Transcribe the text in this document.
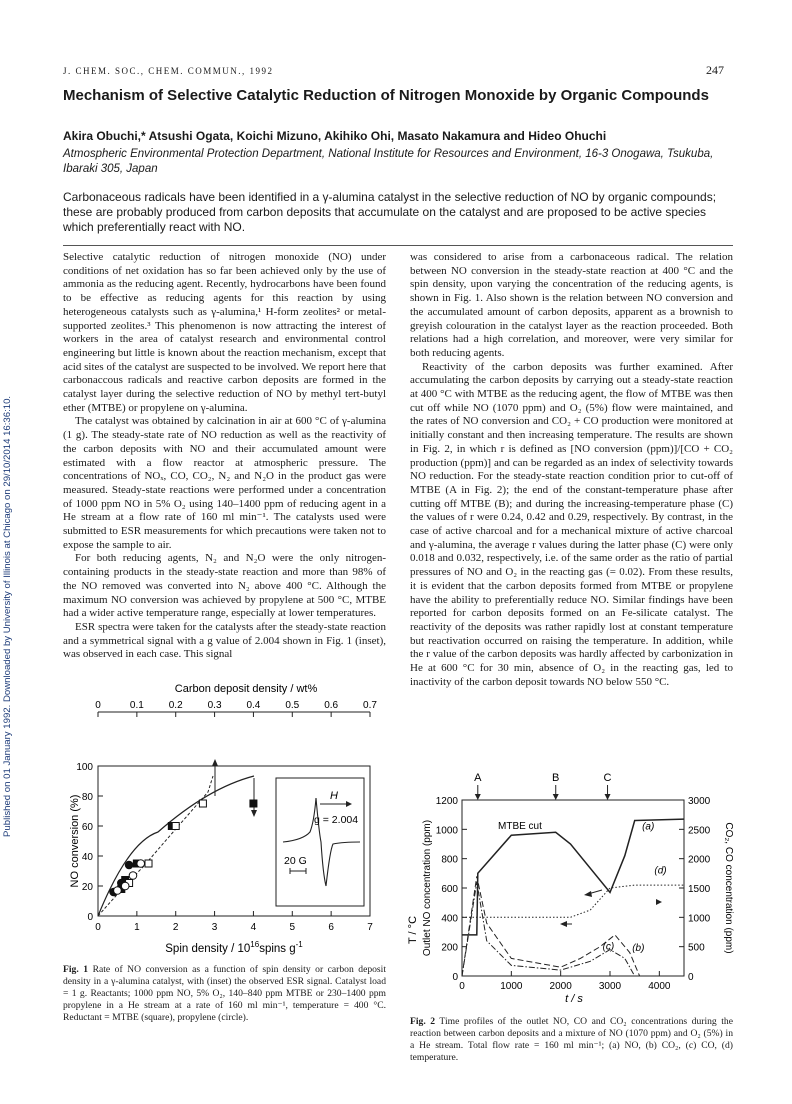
J. CHEM. SOC., CHEM. COMMUN., 1992	247
Published on 01 January 1992. Downloaded by University of Illinois at Chicago on 29/10/2014 16:36:10.
Mechanism of Selective Catalytic Reduction of Nitrogen Monoxide by Organic Compounds
Akira Obuchi,* Atsushi Ogata, Koichi Mizuno, Akihiko Ohi, Masato Nakamura and Hideo Ohuchi
Atmospheric Environmental Protection Department, National Institute for Resources and Environment, 16-3 Onogawa, Tsukuba, Ibaraki 305, Japan
Carbonaceous radicals have been identified in a γ-alumina catalyst in the selective reduction of NO by organic compounds; these are probably produced from carbon deposits that accumulate on the catalyst and are proposed to be active species which preferentially react with NO.

Selective catalytic reduction of nitrogen monoxide (NO) under conditions of net oxidation has so far been achieved only by the use of ammonia as the reducing agent. Recently, hydrocarbons have been found to be effective as reducing agents for this reaction by using heterogeneous catalysts such as γ-alumina,¹ H-form zeolites² or metal-supported zeolites.³ This phenomenon is now attracting the interest of workers in the area of catalyst research and environmental control engineering but little is known about the reaction mechanism, except that acid sites of the catalyst are suspected to be involved. We report here that carbonaccous radicals and reactive carbon deposits are formed in the catalyst layer during the selective reduction of NO by methyl tert-butyl ether (MTBE) or propylene on γ-alumina.

The catalyst was obtained by calcination in air at 600 °C of γ-alumina (1 g). The steady-state rate of NO reduction as well as the reactivity of the carbon deposits with NO and their accumulated amount were estimated with a flow reactor at atmospheric pressure. The concentrations of NOₓ, CO, CO₂, N₂ and N₂O in the product gas were measured. Steady-state reactions were performed under a concentration of 1000 ppm NO in 5% O₂ using 140–1400 ppm of reducing agent in a He stream at a flow rate of 160 ml min⁻¹. The catalysts used were submitted to ESR measurements for which precautions were taken not to expose the sample to air.

For both reducing agents, N₂ and N₂O were the only nitrogen-containing products in the steady-state reaction and more than 98% of the NO removed was converted into N₂ above 400 °C. Although the maximum NO conversion was achieved by propylene at 500 °C, MTBE had a wider active temperature range, especially at lower temperatures.

ESR spectra were taken for the catalysts after the steady-state reaction and a symmetrical signal with a g value of 2.004 shown in Fig. 1 (inset), was observed in each case. This signal

was considered to arise from a carbonaceous radical. The relation between NO conversion in the steady-state reaction at 400 °C and the spin density, upon varying the concentration of the reducing agents, is shown in Fig. 1. Also shown is the relation between NO conversion and the accumulated amount of carbon deposits, apparent as a brownish to greyish colouration in the catalyst layer as the reaction proceeded. Both relations had a high correlation, and moreover, were very similar for both reducing agents.

Reactivity of the carbon deposits was further examined. After accumulating the carbon deposits by carrying out a steady-state reaction at 400 °C with MTBE as the reducing agent, the flow of MTBE was then cut off while NO (1070 ppm) and O₂ (5%) flow were maintained, and the rates of NO conversion and CO₂ + CO production were monitored at initially constant and then increasing temperature. The results are shown in Fig. 2, in which r is defined as [NO conversion (ppm)]/[CO + CO₂ production (ppm)] and can be regarded as an index of selectivity towards NO reduction. For the steady-state reaction condition prior to cut-off of MTBE (A in Fig. 2); the end of the constant-temperature phase after cutting off MTBE (B); and during the increasing-temperature phase (C) the values of r were 0.24, 0.42 and 0.29, respectively. By contrast, in the case of active charcoal and for a mechanical mixture of active charcoal and γ-alumina, the average r values during the latter phase (C) were only 0.018 and 0.032, respectively, i.e. of the same order as the ratio of partial pressures of NO and O₂ in the reacting gas (= 0.02). From these results, it is evident that the carbon deposits formed from MTBE or propylene have the ability to preferentially reduce NO. Similar findings have been reported for carbon deposits formed on an Fe-silicate catalyst. The reactivity of the deposits was rather rapidly lost at constant temperature but reactivation occurred on raising the temperature. In addition, while the r value of the carbon deposits was hardly affected by carbonization in He at 600 °C for 30 min, absence of O₂ in the reacting gas, led to inactivity of the carbon deposit towards NO below 550 °C.

Carbon deposit density / wt%
0	0.1 0.2 0.3 0.4 0.5 0.6 0.7
0
20
40
60
80
100
0	1	2	3	4	5	6	7
NO conversion (%)
Spin density / $10^{16}spins$ $g^{-1}$
H
g = 2.004
20 G
Fig. 1 Rate of NO conversion as a function of spin density or carbon deposit density in a γ-alumina catalyst, with (inset) the observed ESR signal. Catalyst load = 1 g. Reactants; 1000 ppm NO, 5% O₂, 140–840 ppm MTBE or 230–1400 ppm propylene in a He stream at a rate of 160 ml min⁻¹, temperature = 400 °C. Reductant = MTBE (square), propylene (circle).
A	B	C
0
200
400
600
800
1000
1200
0
500
1000
1500
2000
2500
3000
0	1000	2000	3000	4000
t / s
T / °C Outlet NO concentration (ppm)	CO₂, CO concentration (ppm)
MTBE cut	(a)
(b)
(c)
(d)
Fig. 2 Time profiles of the outlet NO, CO and CO₂ concentrations during the reaction between carbon deposits and a mixture of NO (1070 ppm) and O₂ (5%) in a He stream. Total flow rate = 160 ml min⁻¹; (a) NO, (b) CO₂, (c) CO, (d) temperature.
